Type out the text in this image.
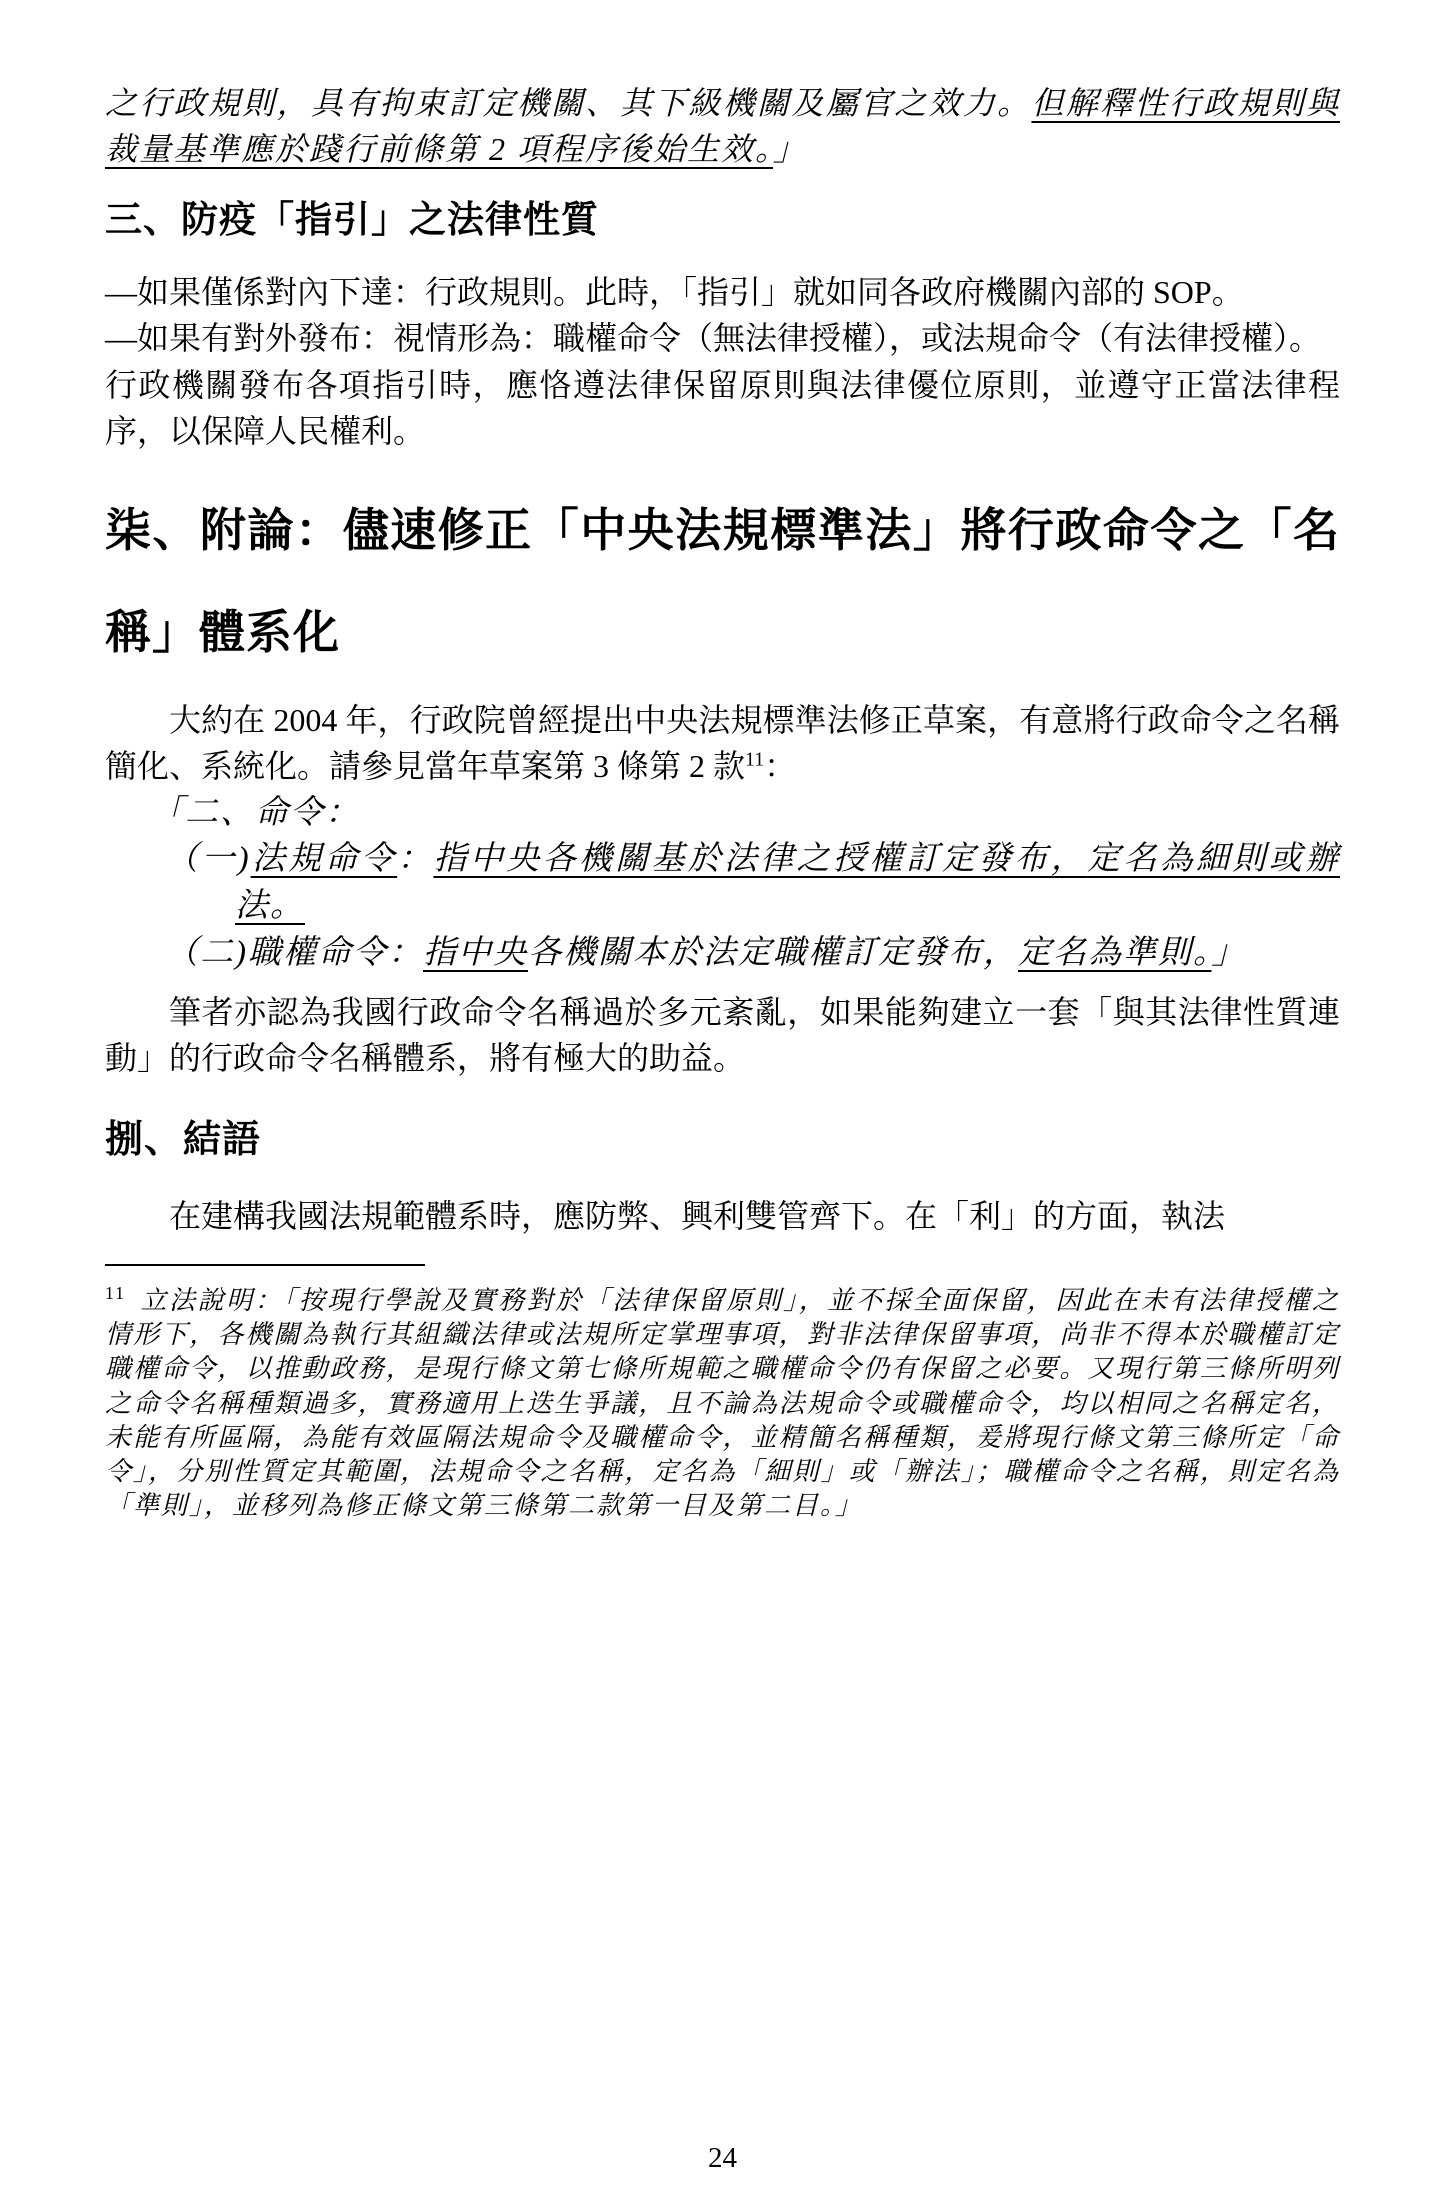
之行政規則，具有拘束訂定機關、其下級機關及屬官之效力。但解釋性行政規則與裁量基準應於踐行前條第 2 項程序後始生效。」

三、防疫「指引」之法律性質

—如果僅係對內下達：行政規則。此時，「指引」就如同各政府機關內部的 SOP。

—如果有對外發布：視情形為：職權命令（無法律授權），或法規命令（有法律授權）。

行政機關發布各項指引時，應恪遵法律保留原則與法律優位原則，並遵守正當法律程序，以保障人民權利。

柒、附論：儘速修正「中央法規標準法」將行政命令之「名稱」體系化

大約在 2004 年，行政院曾經提出中央法規標準法修正草案，有意將行政命令之名稱簡化、系統化。請參見當年草案第 3 條第 2 款$^{11}$：

「二、命令：

（一)法規命令：指中央各機關基於法律之授權訂定發布，定名為細則或辦法。

（二)職權命令：指中央各機關本於法定職權訂定發布，定名為準則。」

筆者亦認為我國行政命令名稱過於多元紊亂，如果能夠建立一套「與其法律性質連動」的行政命令名稱體系，將有極大的助益。

捌、結語

在建構我國法規範體系時，應防弊、興利雙管齊下。在「利」的方面，執法

$^{11}$ 立法說明：「按現行學說及實務對於「法律保留原則」，並不採全面保留，因此在未有法律授權之情形下，各機關為執行其組織法律或法規所定掌理事項，對非法律保留事項，尚非不得本於職權訂定職權命令，以推動政務，是現行條文第七條所規範之職權命令仍有保留之必要。又現行第三條所明列之命令名稱種類過多，實務適用上迭生爭議，且不論為法規命令或職權命令，均以相同之名稱定名，未能有所區隔，為能有效區隔法規命令及職權命令，並精簡名稱種類，爰將現行條文第三條所定「命令」，分別性質定其範圍，法規命令之名稱，定名為「細則」或「辦法」；職權命令之名稱，則定名為「準則」，並移列為修正條文第三條第二款第一目及第二目。」

24
